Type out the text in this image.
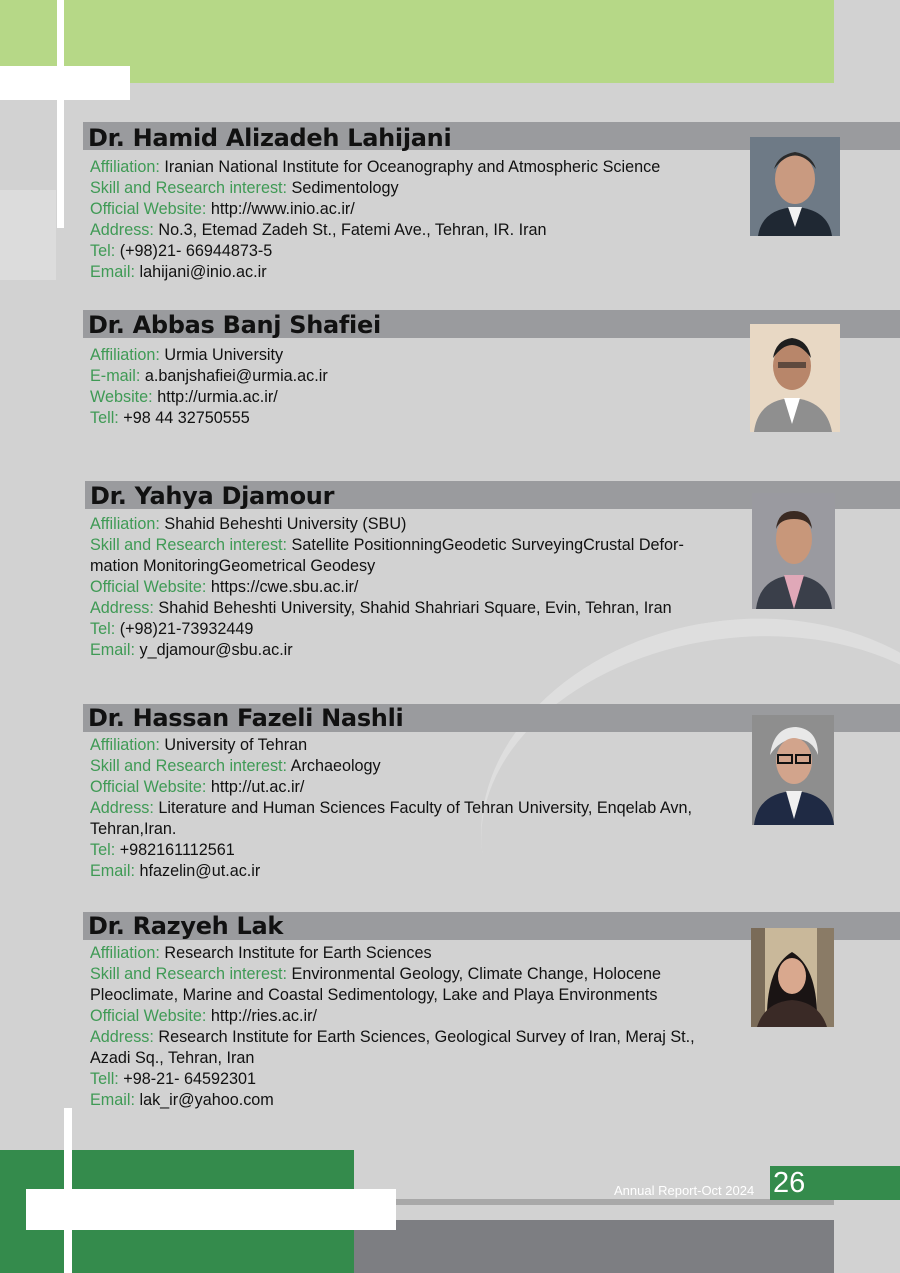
Dr. Hamid Alizadeh Lahijani
Affiliation: Iranian National Institute for Oceanography and Atmospheric Science
Skill and Research interest: Sedimentology
Official Website: http://www.inio.ac.ir/
Address: No.3, Etemad Zadeh St., Fatemi Ave., Tehran, IR. Iran
Tel: (+98)21- 66944873-5
Email: lahijani@inio.ac.ir
Dr. Abbas Banj Shafiei
Affiliation: Urmia University
E-mail: a.banjshafiei@urmia.ac.ir
Website: http://urmia.ac.ir/
Tell: +98 44 32750555
Dr. Yahya Djamour
Affiliation: Shahid Beheshti University (SBU)
Skill and Research interest: Satellite PositionningGeodetic SurveyingCrustal Defor-mation MonitoringGeometrical Geodesy
Official Website: https://cwe.sbu.ac.ir/
Address: Shahid Beheshti University, Shahid Shahriari Square, Evin, Tehran, Iran
Tel: (+98)21-73932449
Email: y_djamour@sbu.ac.ir
Dr. Hassan Fazeli Nashli
Affiliation: University of Tehran
Skill and Research interest: Archaeology
Official Website: http://ut.ac.ir/
Address: Literature and Human Sciences Faculty of Tehran University, Enqelab Avn, Tehran,Iran.
Tel: +982161112561
Email: hfazelin@ut.ac.ir
Dr. Razyeh Lak
Affiliation: Research Institute for Earth Sciences
Skill and Research interest: Environmental Geology, Climate Change, Holocene Pleoclimate, Marine and Coastal Sedimentology, Lake and Playa Environments
Official Website: http://ries.ac.ir/
Address: Research Institute for Earth Sciences, Geological Survey of Iran, Meraj St., Azadi Sq., Tehran, Iran
Tell: +98-21- 64592301
Email: lak_ir@yahoo.com
Annual Report-Oct 2024 26
